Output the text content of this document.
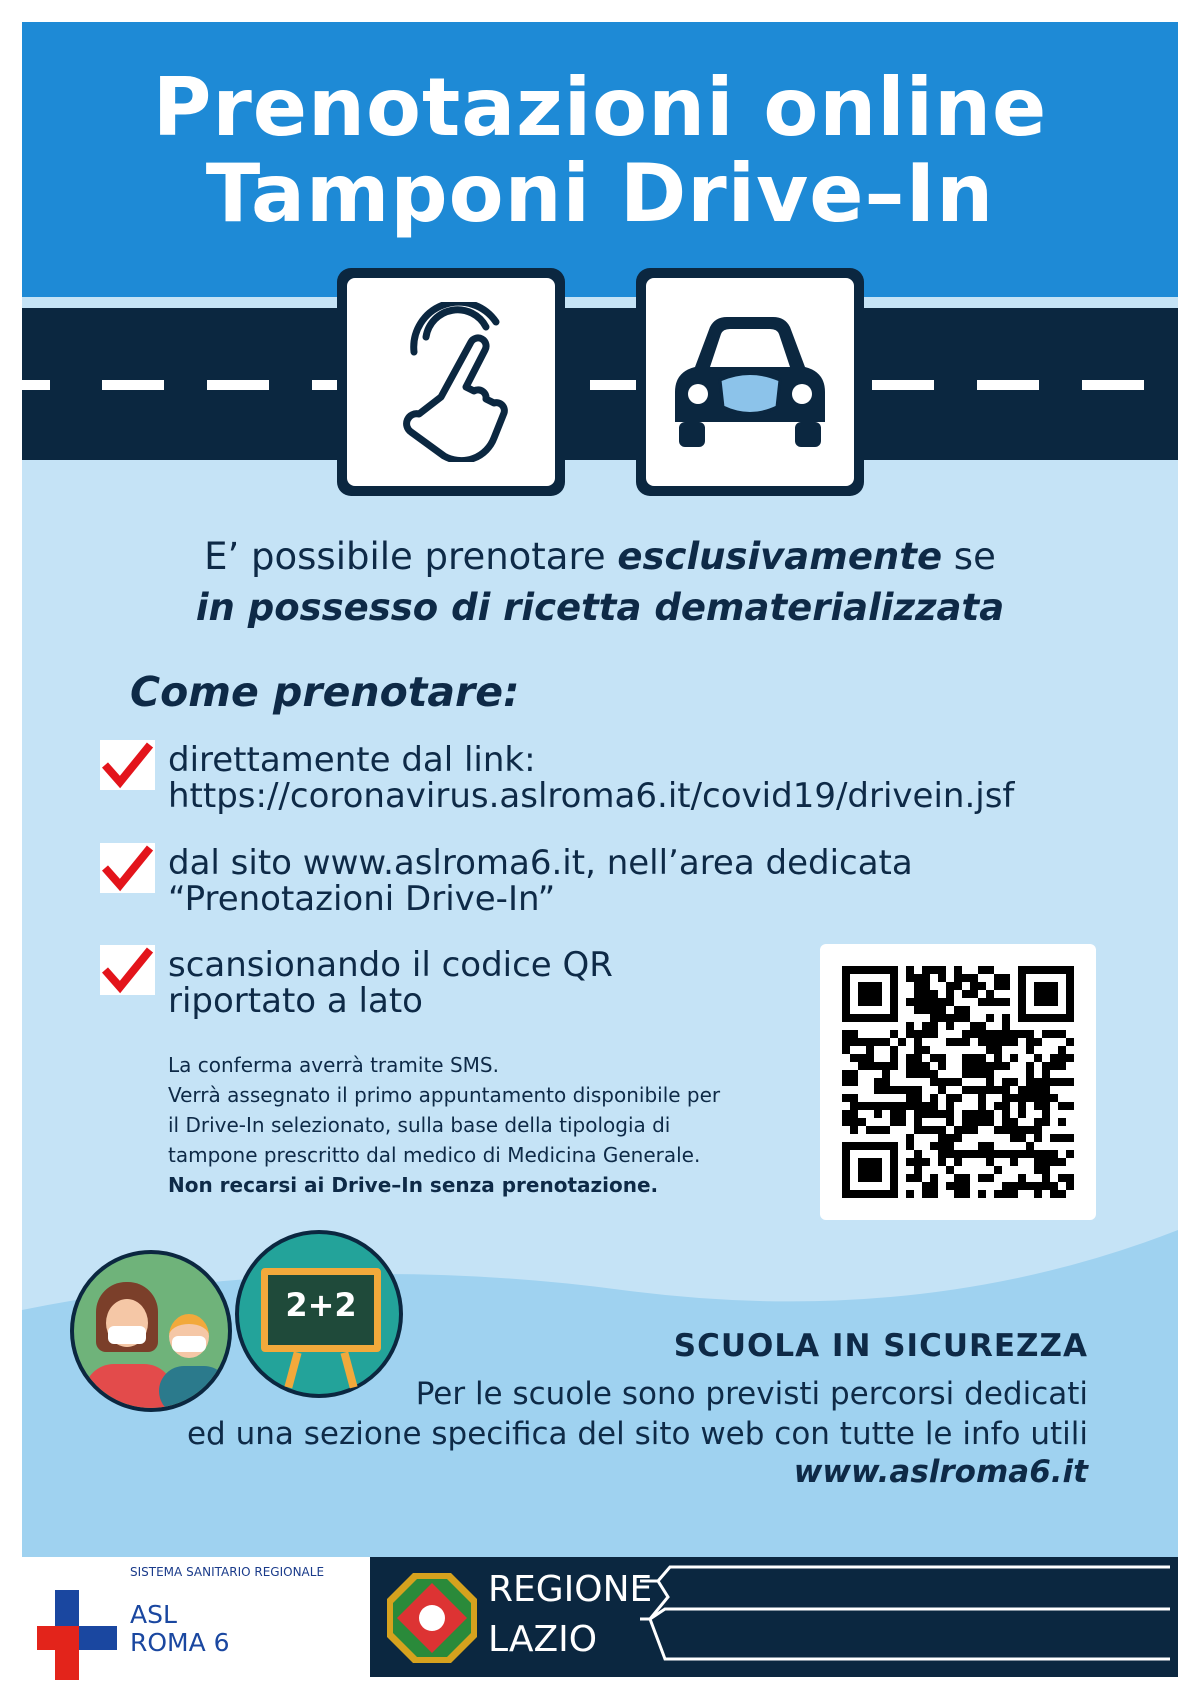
Prenotazioni online
Tamponi Drive–In
E’ possibile prenotare esclusivamente se
in possesso di ricetta dematerializzata
Come prenotare:
direttamente dal link:
https://coronavirus.aslroma6.it/covid19/drivein.jsf
dal sito www.aslroma6.it, nell’area dedicata
“Prenotazioni Drive-In”
scansionando il codice QR
riportato a lato
La conferma averrà tramite SMS.
Verrà assegnato il primo appuntamento disponibile per
il Drive-In selezionato, sulla base della tipologia di
tampone prescritto dal medico di Medicina Generale.
Non recarsi ai Drive–In senza prenotazione.
2+2
SCUOLA IN SICUREZZA
Per le scuole sono previsti percorsi dedicati
ed una sezione specifica del sito web con tutte le info utili
www.aslroma6.it
SISTEMA SANITARIO REGIONALE
ASL
ROMA 6
REGIONE
LAZIO
